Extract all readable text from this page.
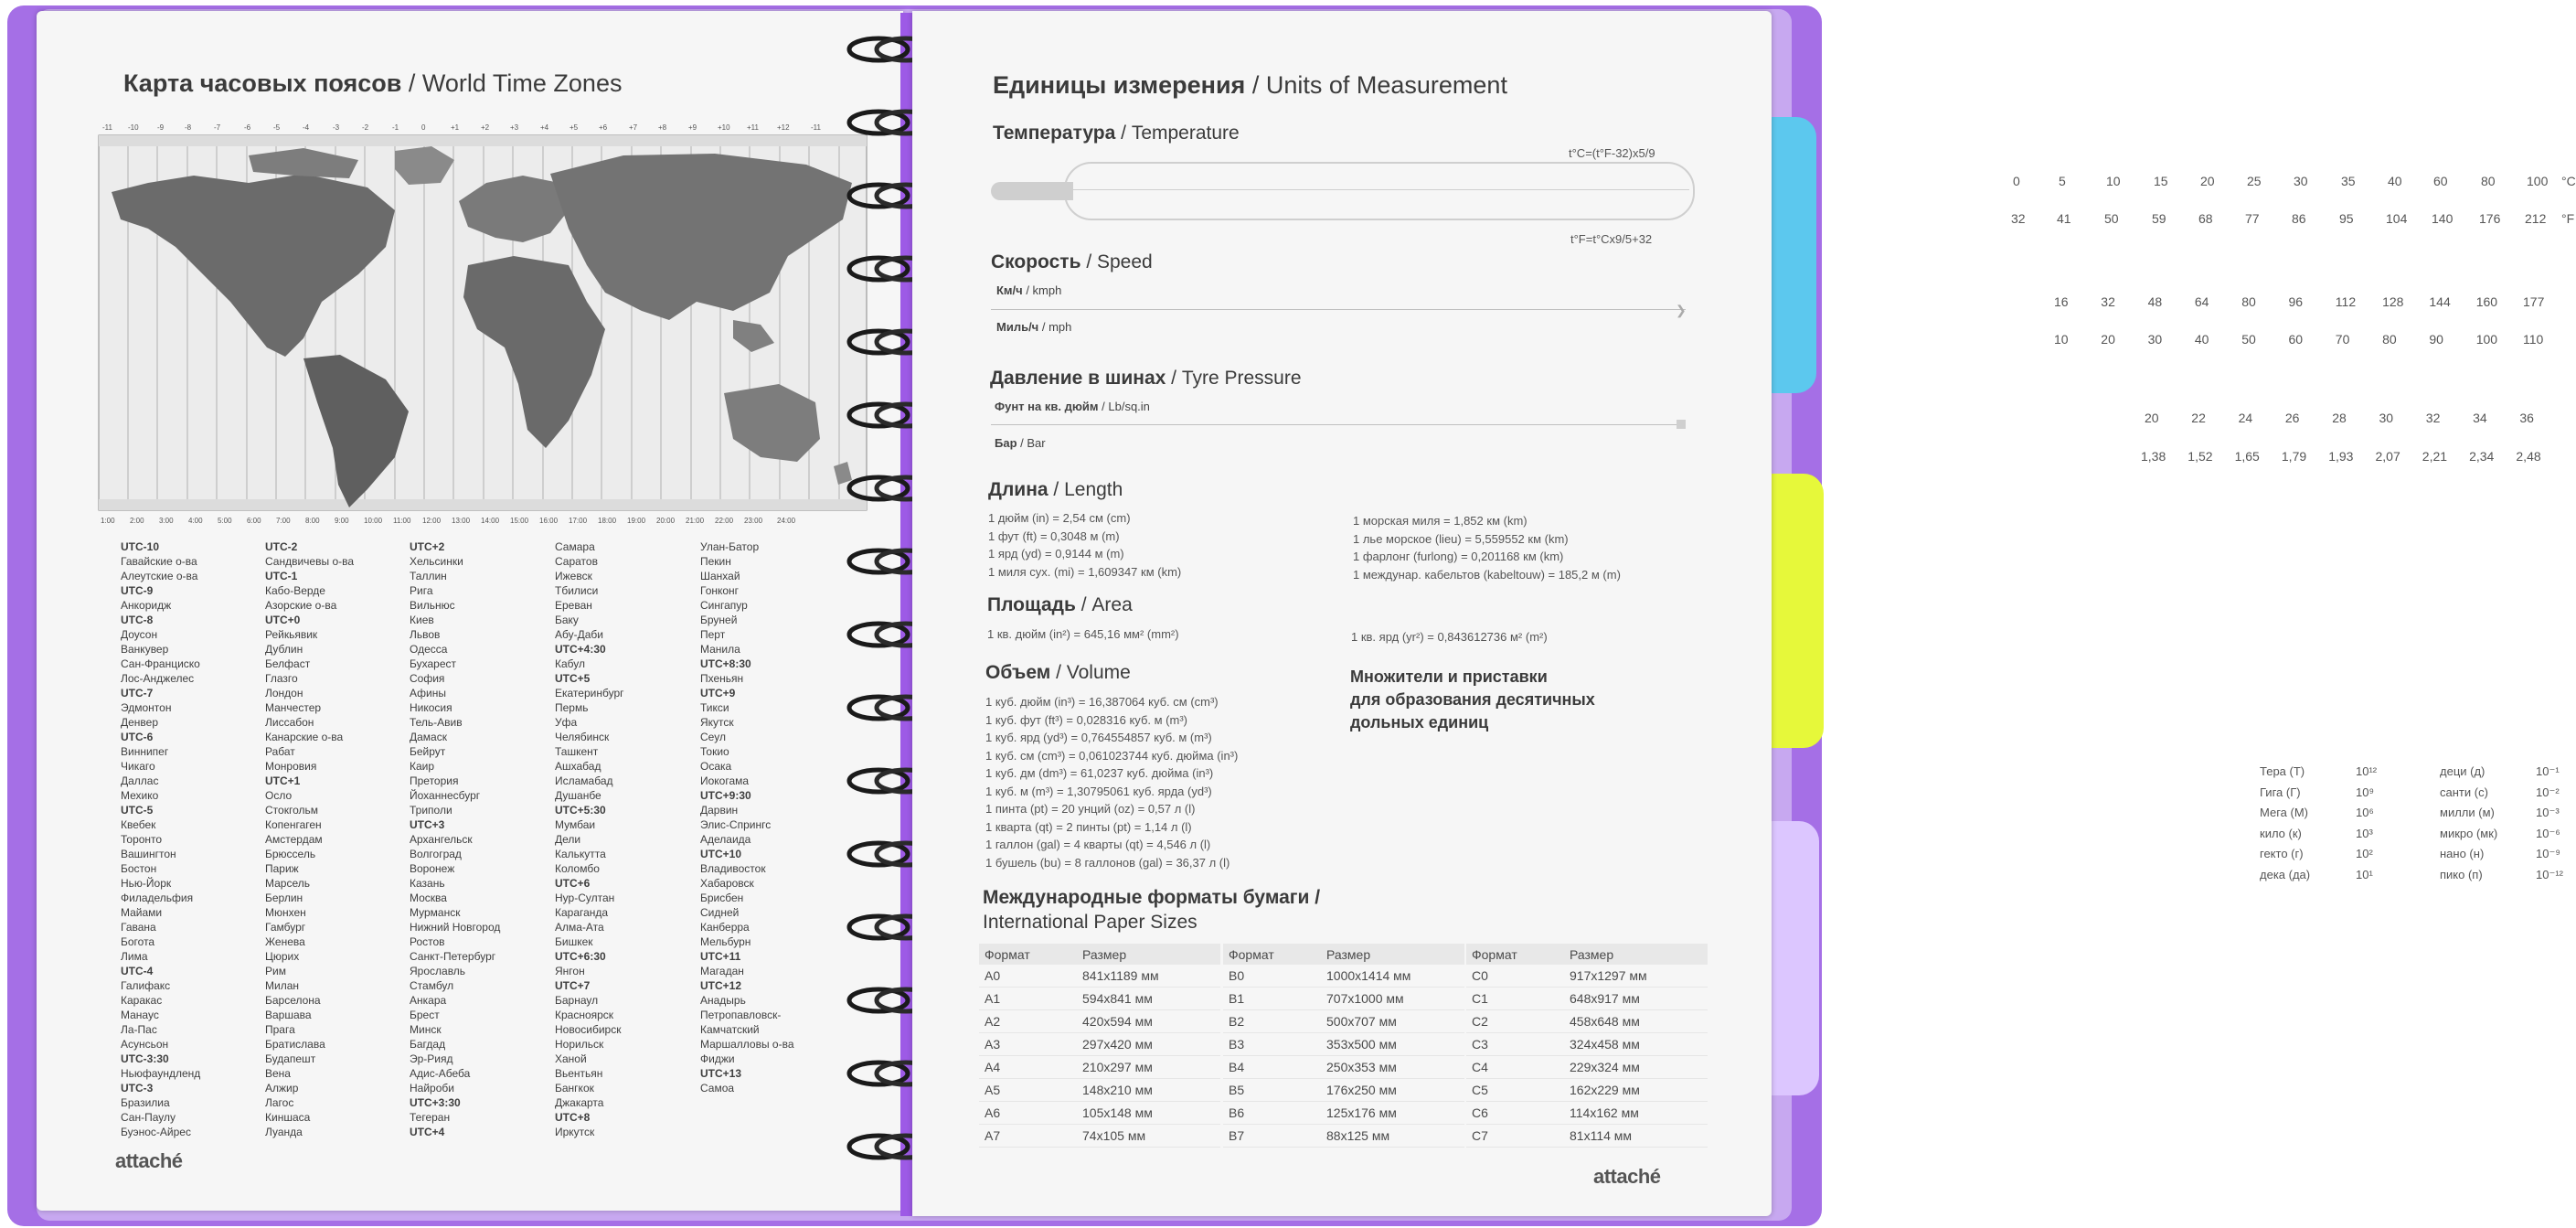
Карта часовых поясов / World Time Zones
-11 -10	-9	-8	-7	-6	-5	-4	-3	-2	-1	0	+1	+2	+3	+4	+5	+6	+7	+8	+9	+10 +11	+12	-11
1:00 2:00 3:00 4:00 5:00 6:00 7:00 8:00 9:00 10:00 11:00 12:00 13:00 14:00 15:00 16:00 17:00 18:00 19:00 20:00 21:00 22:00 23:00 24:00
UTC-10
Гавайские о-ва
Алеутские о-ва
UTC-9
Анкоридж
UTC-8
Доусон
Ванкувер
Сан-Франциско
Лос-Анджелес
UTC-7
Эдмонтон
Денвер
UTC-6
Виннипег
Чикаго
Даллас
Мехико
UTC-5
Квебек
Торонто
Вашингтон
Бостон
Нью-Йорк
Филадельфия
Майами
Гавана
Богота
Лима
UTC-4
Галифакс
Каракас
Манаус
Ла-Пас
Асунсьон
UTC-3:30
Ньюфаундленд
UTC-3
Бразилиа
Сан-Паулу
Буэнос-Айрес
UTC-2
Сандвичевы о-ва
UTC-1
Кабо-Верде
Азорские о-ва
UTC+0
Рейкьявик
Дублин
Белфаст
Глазго
Лондон
Манчестер
Лиссабон
Канарские о-ва
Рабат
Монровия
UTC+1
Осло
Стокгольм
Копенгаген
Амстердам
Брюссель
Париж
Марсель
Берлин
Мюнхен
Гамбург
Женева
Цюрих
Рим
Милан
Барселона
Варшава
Прага
Братислава
Будапешт
Вена
Алжир
Лагос
Киншаса
Луанда
UTC+2
Хельсинки
Таллин
Рига
Вильнюс
Киев
Львов
Одесса
Бухарест
София
Афины
Никосия
Тель-Авив
Дамаск
Бейрут
Каир
Претория
Йоханнесбург
Триполи
UTC+3
Архангельск
Волгоград
Воронеж
Казань
Москва
Мурманск
Нижний Новгород
Ростов
Санкт-Петербург
Ярославль
Стамбул
Анкара
Брест
Минск
Багдад
Эр-Рияд
Адис-Абеба
Найроби
UTC+3:30
Тегеран
UTC+4
Самара
Саратов
Ижевск
Тбилиси
Ереван
Баку
Абу-Даби
UTC+4:30
Кабул
UTC+5
Екатеринбург
Пермь
Уфа
Челябинск
Ташкент
Ашхабад
Исламабад
Душанбе
UTC+5:30
Мумбаи
Дели
Калькутта
Коломбо
UTC+6
Нур-Султан
Караганда
Алма-Ата
Бишкек
UTC+6:30
Янгон
UTC+7
Барнаул
Красноярск
Новосибирск
Норильск
Ханой
Вьентьян
Бангкок
Джакарта
UTC+8
Иркутск
Улан-Батор
Пекин
Шанхай
Гонконг
Сингапур
Бруней
Перт
Манила
UTC+8:30
Пхеньян
UTC+9
Тикси
Якутск
Сеул
Токио
Осака
Иокогама
UTC+9:30
Дарвин
Элис-Спрингс
Аделаида
UTC+10
Владивосток
Хабаровск
Брисбен
Сидней
Канберра
Мельбурн
UTC+11
Магадан
UTC+12
Анадырь
Петропавловск-
Камчатский
Маршалловы о-ва
Фиджи
UTC+13
Самоа
attaché
Единицы измерения / Units of Measurement
Температура / Temperature
t°C=(t°F-32)x5/9
0	5	10	15	20	25	30	35	40 60	80 100 °C
°F
32 41	50	59	68	77	86	95	104 140 176 212
t°F=t°Cx9/5+32
Скорость / Speed
Км/ч / kmph
Миль/ч / mph
❯
16	32	48	64	80	96	112 128 144 160 177
10	20	30	40	50	60	70	80	90	100 110
Давление в шинах / Tyre Pressure
Фунт на кв. дюйм / Lb/sq.in
Бар / Bar
20	22	24	26	28	30	32	34	36
1,38 1,52 1,65 1,79 1,93 2,07 2,21 2,34 2,48
Длина / Length
1 дюйм (in) = 2,54 см (cm)
1 фут (ft) = 0,3048 м (m)
1 ярд (yd) = 0,9144 м (m)
1 миля сух. (mi) = 1,609347 км (km)
1 морская миля = 1,852 км (km)
1 лье морское (lieu) = 5,559552 км (km)
1 фарлонг (furlong) = 0,201168 км (km)
1 междунар. кабельтов (kabeltouw) = 185,2 м (m)
Площадь / Area
1 кв. дюйм (in²) = 645,16 мм² (mm²)	1 кв. ярд (yr²) = 0,843612736 м² (m²)
Объем / Volume
1 куб. дюйм (in³) = 16,387064 куб. см (cm³)
1 куб. фут (ft³) = 0,028316 куб. м (m³)
1 куб. ярд (yd³) = 0,764554857 куб. м (m³)
1 куб. см (cm³) = 0,061023744 куб. дюйма (in³)
1 куб. дм (dm³) = 61,0237 куб. дюйма (in³)
1 куб. м (m³) = 1,30795061 куб. ярда (yd³)
1 пинта (pt) = 20 унций (oz) = 0,57 л (l)
1 кварта (qt) = 2 пинты (pt) = 1,14 л (l)
1 галлон (gal) = 4 кварты (qt) = 4,546 л (l)
1 бушель (bu) = 8 галлонов (gal) = 36,37 л (l)
Множители и приставки
для образования десятичных
дольных единиц
Тера (Т)	10¹²
Гига (Г)	10⁹
Мега (М)	10⁶
кило (к)	10³
гекто (г)	10²
дека (да)	10¹
деци (д)	10⁻¹
санти (с)	10⁻²
милли (м)	10⁻³
микро (мк)	10⁻⁶
нано (н)	10⁻⁹
пико (п)	10⁻¹²
Международные форматы бумаги /
International Paper Sizes
Формат	Размер
A0	841x1189 мм
A1	594x841 мм
A2	420x594 мм
A3	297x420 мм
A4	210x297 мм
A5	148x210 мм
A6	105x148 мм
A7	74x105 мм
Формат	Размер
B0	1000x1414 мм
B1	707x1000 мм
B2	500x707 мм
B3	353x500 мм
B4	250x353 мм
B5	176x250 мм
B6	125x176 мм
B7	88x125 мм
Формат	Размер
C0	917x1297 мм
C1	648x917 мм
C2	458x648 мм
C3	324x458 мм
C4	229x324 мм
C5	162x229 мм
C6	114x162 мм
C7	81x114 мм
attaché
